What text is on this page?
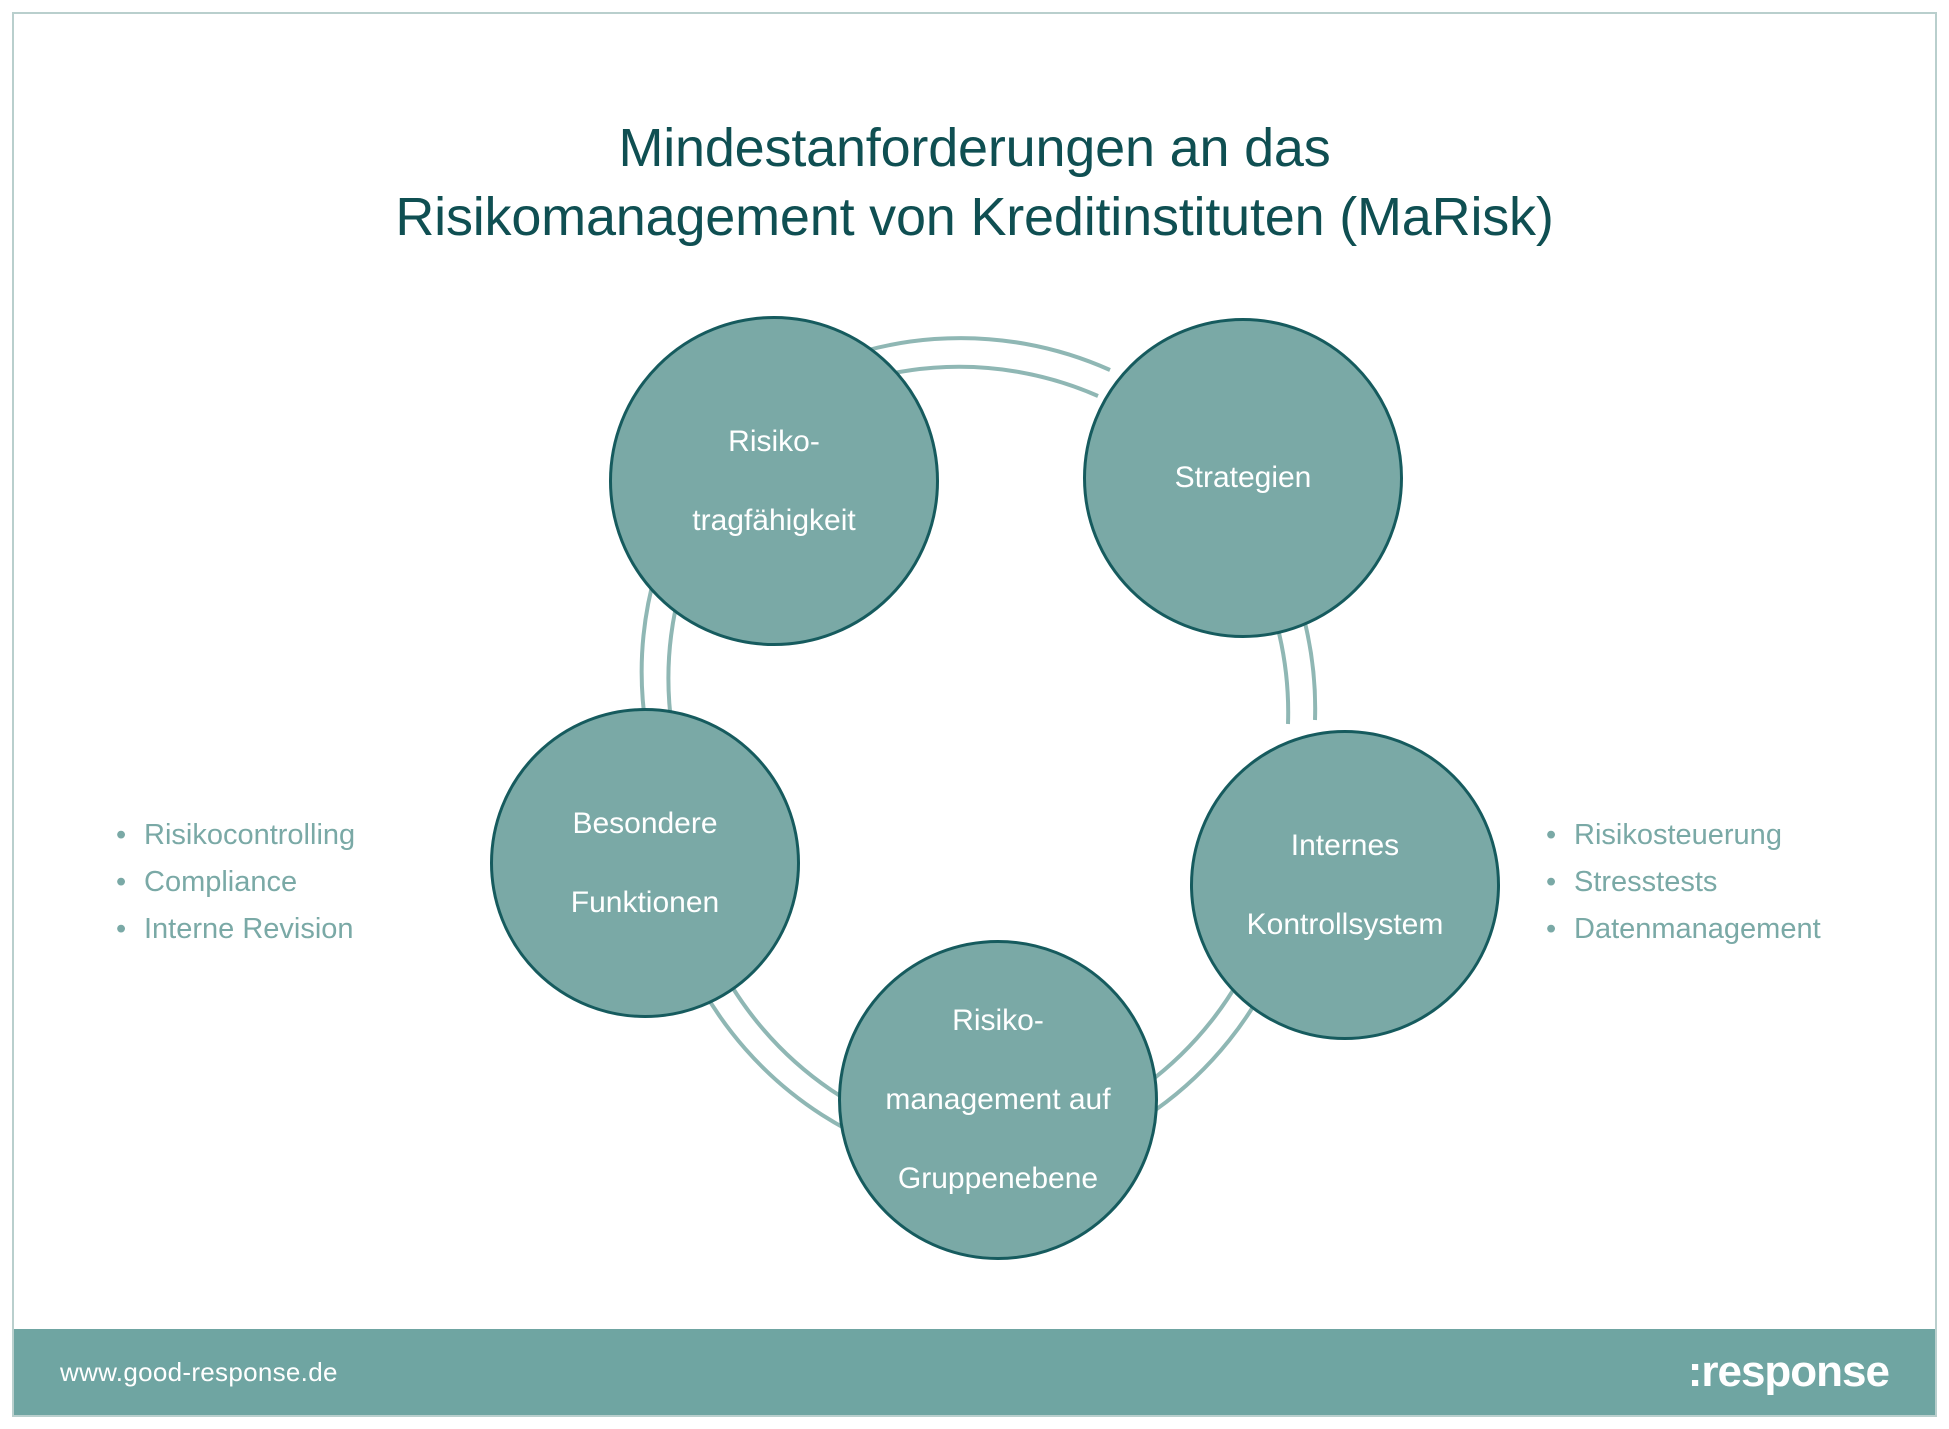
Mindestanforderungen an das
Risikomanagement von Kreditinstituten (MaRisk)
Risiko-

tragfähigkeit
Strategien
Internes

Kontrollsystem
Risiko-

management auf

Gruppenebene
Besondere

Funktionen
• Risikocontrolling
• Compliance
• Interne Revision
• Risikosteuerung
• Stresstests
• Datenmanagement
www.good-response.de	:response
